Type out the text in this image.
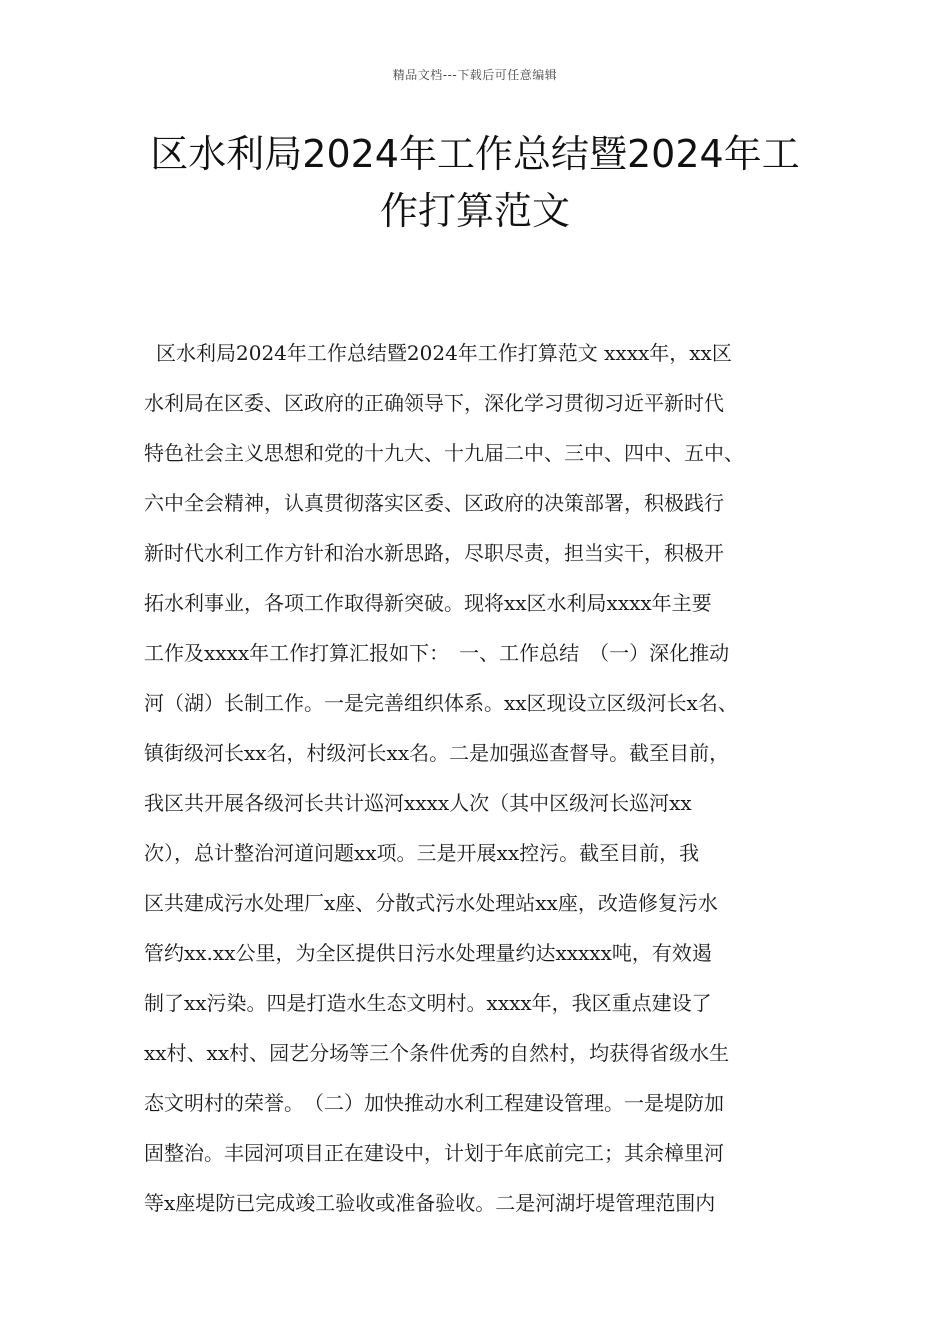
精品文档---下载后可任意编辑
区水利局2024年工作总结暨2024年工
作打算范文
区水利局2024年工作总结暨2024年工作打算范文 xxxx年，xx区
水利局在区委、区政府的正确领导下，深化学习贯彻习近平新时代
特色社会主义思想和党的十九大、十九届二中、三中、四中、五中、
六中全会精神，认真贯彻落实区委、区政府的决策部署，积极践行
新时代水利工作方针和治水新思路，尽职尽责，担当实干，积极开
拓水利事业，各项工作取得新突破。现将xx区水利局xxxx年主要
工作及xxxx年工作打算汇报如下：　一、工作总结　（一）深化推动
河（湖）长制工作。一是完善组织体系。xx区现设立区级河长x名、
镇街级河长xx名，村级河长xx名。二是加强巡查督导。截至目前，
我区共开展各级河长共计巡河xxxx人次（其中区级河长巡河xx
次），总计整治河道问题xx项。三是开展xx控污。截至目前，我
区共建成污水处理厂x座、分散式污水处理站xx座，改造修复污水
管约xx.xx公里，为全区提供日污水处理量约达xxxxx吨，有效遏
制了xx污染。四是打造水生态文明村。xxxx年，我区重点建设了
xx村、xx村、园艺分场等三个条件优秀的自然村，均获得省级水生
态文明村的荣誉。　（二）加快推动水利工程建设管理。一是堤防加
固整治。丰园河项目正在建设中，计划于年底前完工；其余樟里河
等x座堤防已完成竣工验收或准备验收。二是河湖圩堤管理范围内
